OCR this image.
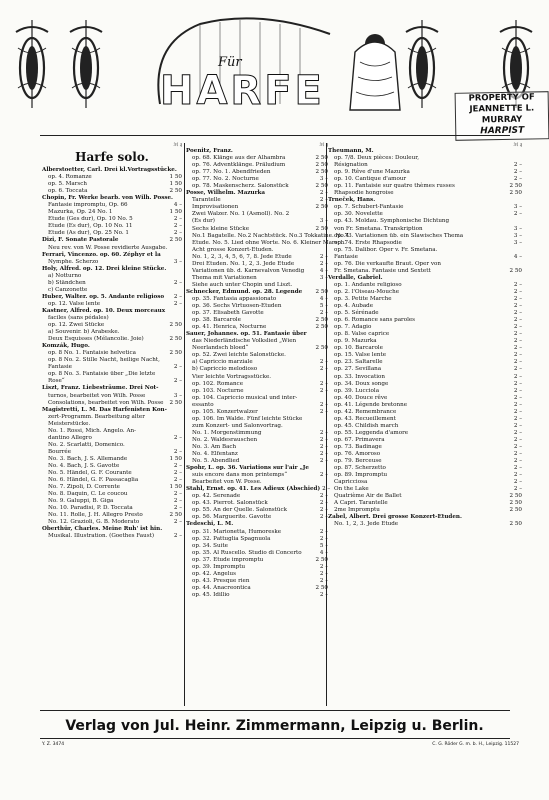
Für
HARFE	PROPERTY OF
JEANNETTE L. MURRAY
HARPIST
ℳ ₰
Harfe solo.
Alberstoetter, Carl. Drei kl.Vortragsstücke.
op. 4. Romanze	1 50
op. 5. Marsch	1 50
op. 6. Toccata	2 50
Chopin, Fr. Werke bearb. von Wilh. Posse.
Fantasie impromptu, Op. 66	4 –
Mazurka, Op. 24 No. 1	1 50
Etude (Ges dur), Op. 10 No. 5	2 –
Etude (Es dur), Op. 10 No. 11	2 –
Etude (As dur), Op. 25 No. 1	2 –
Dizi, F. Sonate Pastorale	2 50
Neu rev. von W. Posse revidierte Ausgabe.
Ferrari, Vincenzo. op. 60. Zéphyr et la
Nymphe. Scherzo	3 –
Holy, Alfred. op. 12. Drei kleine Stücke.
a) Notturno
b) Ständchen	2 –
c) Canzonette
Huber, Walter. op. 5. Andante religioso	2 –
op. 12. Valse lente	2 –
Kastner, Alfred. op. 10. Deux morceaux
faciles (sans pédales)
op. 12. Zwei Stücke	2 50
a) Souvenir. b) Arabeske.
Deux Esquisses (Mélancolie. Joie)	2 50
Komzák, Hugo.
op. 8 No. 1. Fantaisie helvetica	2 50
op. 8 No. 2. Stille Nacht, heilige Nacht,
Fantasie	2 –
op. 8 No. 3. Fantaisie über „Die letzte
Rose“	2 –
Liszt, Franz. Liebesträume. Drei Not-
turnos, bearbeitet von Wilh. Posse	3 –
Consolations, bearbeitet von Wilh. Posse	2 50
Magistretti, L. M. Das Harfenisten Kon-
zert-Programm. Bearbeitung alter
Meisterstücke.
No. 1. Rossi, Mich. Angelo. An-
dantino Allegro	2 –
No. 2. Scarlatti, Domenico.
Bourrée	2 –
No. 3. Bach, J. S. Allemande	1 50
No. 4. Bach, J. S. Gavotte	2 –
No. 5. Händel, G. F. Courante	2 –
No. 6. Händel, G. F. Passacaglia	2 –
No. 7. Zipoli, D. Corrente	1 50
No. 8. Daquin, C. Le coucou	2 –
No. 9. Galuppi, B. Giga	2 –
No. 10. Paradisi, P. D. Toccata	2 –
No. 11. Rolle, J. H. Allegro Presto	2 50
No. 12. Grazioli, G. B. Moderato	2 –
Oberthür, Charles. Meine Ruh' ist hin.
Musikal. Illustration. (Goethes Faust)	2 –
ℳ ₰
Poenitz, Franz.
op. 68. Klänge aus der Alhambra	2 50
op. 76. Adventklänge. Präludium	2 50
op. 77. No. 1. Abendfrieden	2 50
op. 77. No. 2. Nocturne	3 –
op. 78. Maskenscherz. Salonstück	2 50
Posse, Wilhelm. Mazurka	2 –
Tarantelle	2 –
Improvisationen	2 50
Zwei Walzer. No. 1 (Asmoll). No. 2
(Es dur)	3 –
Sechs kleine Stücke	2 50
No.1 Bagatelle. No.2 Nachtstück. No.3 Tokkatine. No.4
Etude. No. 5. Lied ohne Worte. No. 6. Kleiner Marsch.
Acht grosse Konzert-Etuden.
No. 1, 2, 3, 4, 5, 6, 7, 8. Jede Etude	2 –
Drei Etuden. No. 1, 2, 3. Jede Etude	2 –
Variationen üb. d. Karnevalvon Venedig	4 –
Thema mit Variationen	3 –
Siehe auch unter Chopin und Liszt.
Schnecker, Edmund. op. 28. Legende	2 50
op. 35. Fantasia appassionato	4 –
op. 36. Sechs Virtuosen-Etuden	5 –
op. 37. Elisabeth Gavotte	2 –
op. 38. Barcarole	2 50
op. 41. Henrica, Nocturne	2 50
Sauer, Johannes. op. 51. Fantasie über
das Niederländische Volkslied „Wien
Neerlandsch bloed“	2 50
op. 52. Zwei leichte Salonstücke.
a) Capriccio marziale	2 –
b) Capriccio melodioso	2 –
Vier leichte Vortragsstücke.
op. 102. Romance	2 –
op. 103. Nocturne	2 –
op. 104. Capriccio musical und inter-
essanto	2 –
op. 105. Konzertwalzer	2 –
op. 106. Im Walde. Fünf leichte Stücke
zum Konzert- und Salonvortrag.
No. 1. Morgenstimmung	2 –
No. 2. Waldesrauschen	2 –
No. 3. Am Bach	2 –
No. 4. Elfentanz	2 –
No. 5. Abendlied	2 –
Spohr, L. op. 36. Variations sur l'air „Je
suis encore dans mon printemps“	2 –
Bearbeitet von W. Posse.
Stahl, Ernst. op. 41. Les Adieux (Abschied) 2 –
op. 42. Serenade	2 –
op. 43. Pierrot. Salonstück	2 –
op. 55. An der Quelle. Salonstück	2 –
op. 56. Marguerite. Gavotte	2 –
Tedeschi, L. M.
op. 31. Marionetta, Humoreske	2 –
op. 32. Pattuglia Spagnuola	2 –
op. 34. Suite	5 –
op. 35. Al Ruscello. Studio di Concerto	4 –
op. 37. Etude impromptu	2 50
op. 39. Impromptu	2 –
op. 42. Angelus	2 –
op. 43. Presque rien	2 –
op. 44. Anacreontica	2 50
op. 45. Idillio	2 –
ℳ ₰
Theumann, M.
op. 7/8. Deux pièces: Douleur,
Résignation	2 –
op. 9. Rêve d'une Mazurka	2 –
op. 10. Cantique d'amour	2 –
op. 11. Fantaisie sur quatre thèmes russes	2 50
Rhapsodie hongroise	2 50
Trneček, Hans.
op. 7. Schubert-Fantasie	3 –
op. 30. Novelette	2 –
op. 43. Moldau. Symphonische Dichtung
von Fr. Smetana. Transkription	3 –
op. 73. Variationen üb. ein Slawisches Thema	3 –
op. 74. Erste Rhapsodie	3 –
op. 75. Dalibor. Oper v. Fr. Smetana.
Fantasie	4 –
op. 76. Die verkaufte Braut. Oper von
Fr. Smetana. Fantasie und Sextett	2 50
Verdalle, Gabriel.
op. 1. Andante religioso	2 –
op. 2. l'Oiseau-Mouche	2 –
op. 3. Petite Marche	2 –
op. 4. Aubade	2 –
op. 5. Sérénade	2 –
op. 6. Romance sans paroles	2 –
op. 7. Adagio	2 –
op. 8. Valse caprice	2 –
op. 9. Mazurka	2 –
op. 10. Barcarole	2 –
op. 15. Valse lente	2 –
op. 23. Saltarelle	2 –
op. 27. Sevillana	2 –
op. 33. Invocation	2 –
op. 34. Doux songe	2 –
op. 39. Lucciola	2 –
op. 40. Douce rêve	2 –
op. 41. Légende bretonne	2 –
op. 42. Remembrance	2 –
op. 43. Recueillement	2 –
op. 45. Childish march	2 –
op. 55. Leggenda d'amore	2 –
op. 67. Primavera	2 –
op. 73. Badinage	2 –
op. 76. Amoroso	2 –
op. 79. Berceuse	2 –
op. 87. Scherzetto	2 –
op. 89. Impromptu	2 –
Capricciosa	2 –
On the Lake	2 –
Quatrième Air de Ballet	2 50
A Capri. Tarantelle	2 50
2me Impromptu	2 50
Zabel, Albert. Drei grosse Konzert-Etuden.
No. 1, 2, 3. Jede Etude	2 50
Verlag von Jul. Heinr. Zimmermann, Leipzig u. Berlin.
Y. Z. 3474	C. G. Röder G. m. b. H., Leipzig. 11527
